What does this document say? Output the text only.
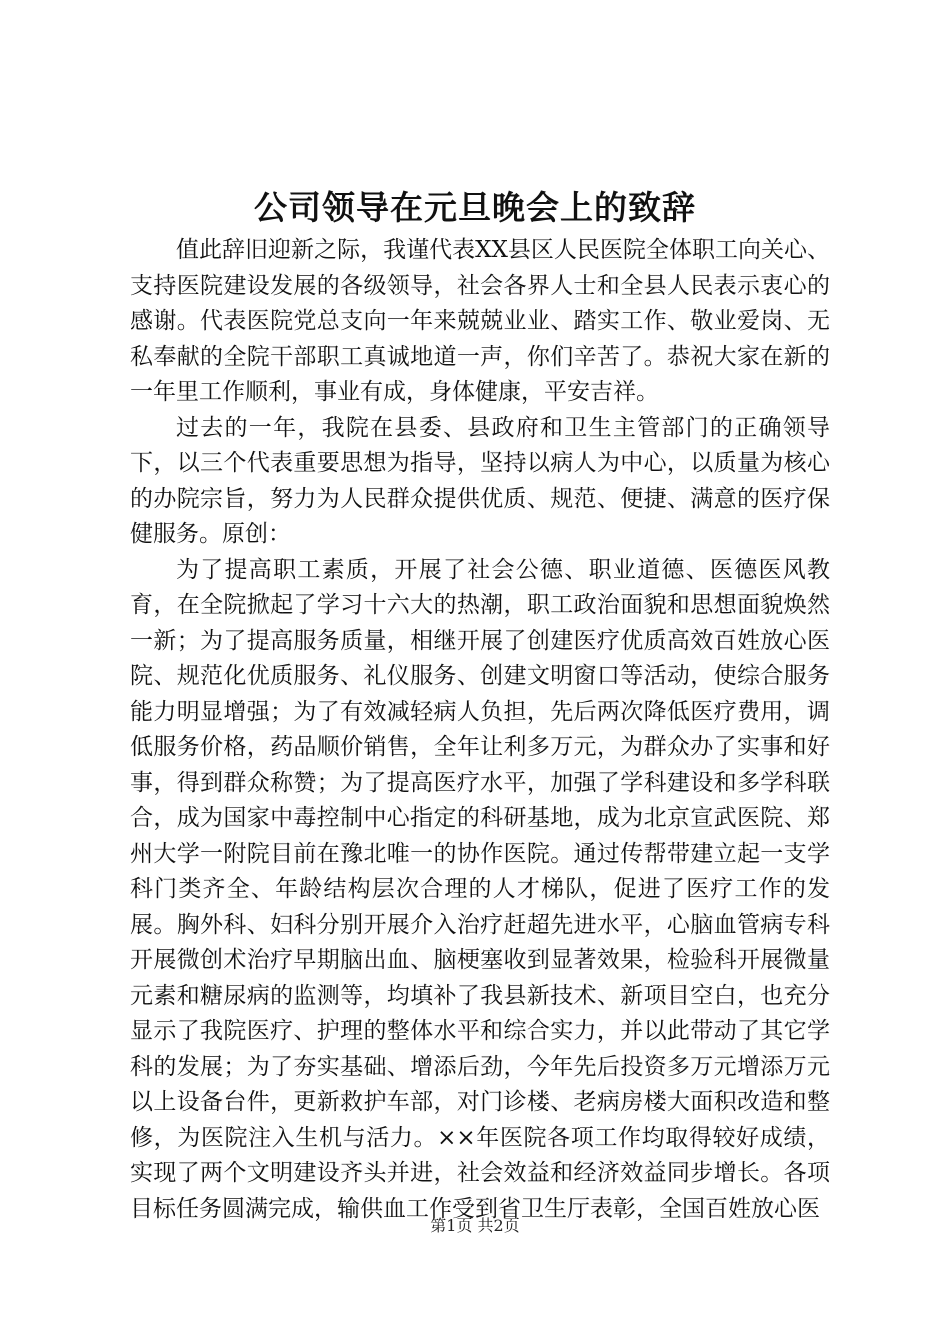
公司领导在元旦晚会上的致辞

值此辞旧迎新之际，我谨代表XX县区人民医院全体职工向关心、支持医院建设发展的各级领导，社会各界人士和全县人民表示衷心的感谢。代表医院党总支向一年来兢兢业业、踏实工作、敬业爱岗、无私奉献的全院干部职工真诚地道一声，你们辛苦了。恭祝大家在新的一年里工作顺利，事业有成，身体健康，平安吉祥。

过去的一年，我院在县委、县政府和卫生主管部门的正确领导下，以三个代表重要思想为指导，坚持以病人为中心，以质量为核心的办院宗旨，努力为人民群众提供优质、规范、便捷、满意的医疗保健服务。原创：

为了提高职工素质，开展了社会公德、职业道德、医德医风教育，在全院掀起了学习十六大的热潮，职工政治面貌和思想面貌焕然一新；为了提高服务质量，相继开展了创建医疗优质高效百姓放心医院、规范化优质服务、礼仪服务、创建文明窗口等活动，使综合服务能力明显增强；为了有效减轻病人负担，先后两次降低医疗费用，调低服务价格，药品顺价销售，全年让利多万元，为群众办了实事和好事，得到群众称赞；为了提高医疗水平，加强了学科建设和多学科联合，成为国家中毒控制中心指定的科研基地，成为北京宣武医院、郑州大学一附院目前在豫北唯一的协作医院。通过传帮带建立起一支学科门类齐全、年龄结构层次合理的人才梯队，促进了医疗工作的发展。胸外科、妇科分别开展介入治疗赶超先进水平，心脑血管病专科开展微创术治疗早期脑出血、脑梗塞收到显著效果，检验科开展微量元素和糖尿病的监测等，均填补了我县新技术、新项目空白，也充分显示了我院医疗、护理的整体水平和综合实力，并以此带动了其它学科的发展；为了夯实基础、增添后劲，今年先后投资多万元增添万元以上设备台件，更新救护车部，对门诊楼、老病房楼大面积改造和整修，为医院注入生机与活力。××年医院各项工作均取得较好成绩，实现了两个文明建设齐头并进，社会效益和经济效益同步增长。各项目标任务圆满完成，输供血工作受到省卫生厅表彰，全国百姓放心医

第1页 共2页
